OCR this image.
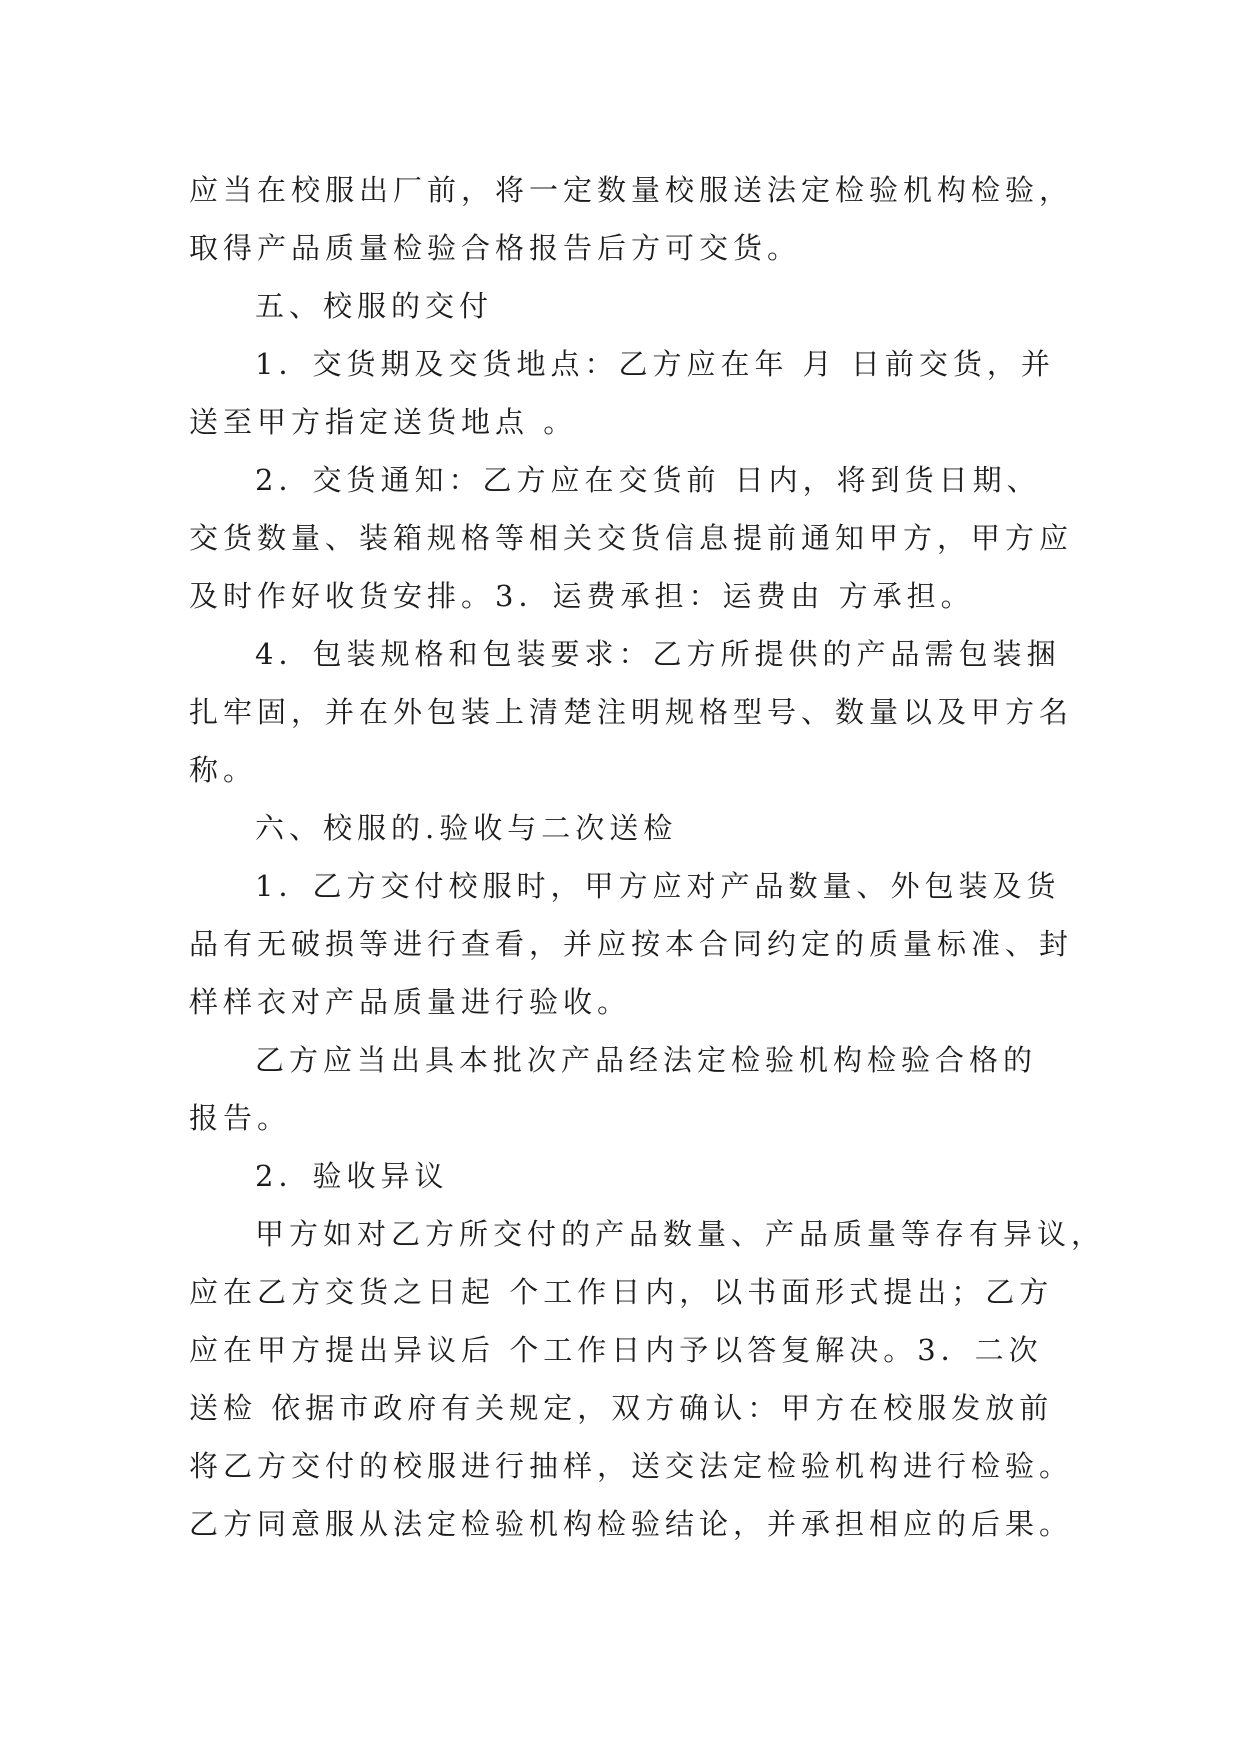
应当在校服出厂前，将一定数量校服送法定检验机构检验，
取得产品质量检验合格报告后方可交货。
五、校服的交付
1．交货期及交货地点：乙方应在年 月 日前交货，并
送至甲方指定送货地点 。
2．交货通知：乙方应在交货前 日内，将到货日期、
交货数量、装箱规格等相关交货信息提前通知甲方，甲方应
及时作好收货安排。3．运费承担：运费由 方承担。
4．包装规格和包装要求：乙方所提供的产品需包装捆
扎牢固，并在外包装上清楚注明规格型号、数量以及甲方名
称。
六、校服的.验收与二次送检
1．乙方交付校服时，甲方应对产品数量、外包装及货
品有无破损等进行查看，并应按本合同约定的质量标准、封
样样衣对产品质量进行验收。
乙方应当出具本批次产品经法定检验机构检验合格的
报告。
2．验收异议
甲方如对乙方所交付的产品数量、产品质量等存有异议，
应在乙方交货之日起 个工作日内，以书面形式提出；乙方
应在甲方提出异议后 个工作日内予以答复解决。3．二次
送检 依据市政府有关规定，双方确认：甲方在校服发放前
将乙方交付的校服进行抽样，送交法定检验机构进行检验。
乙方同意服从法定检验机构检验结论，并承担相应的后果。
